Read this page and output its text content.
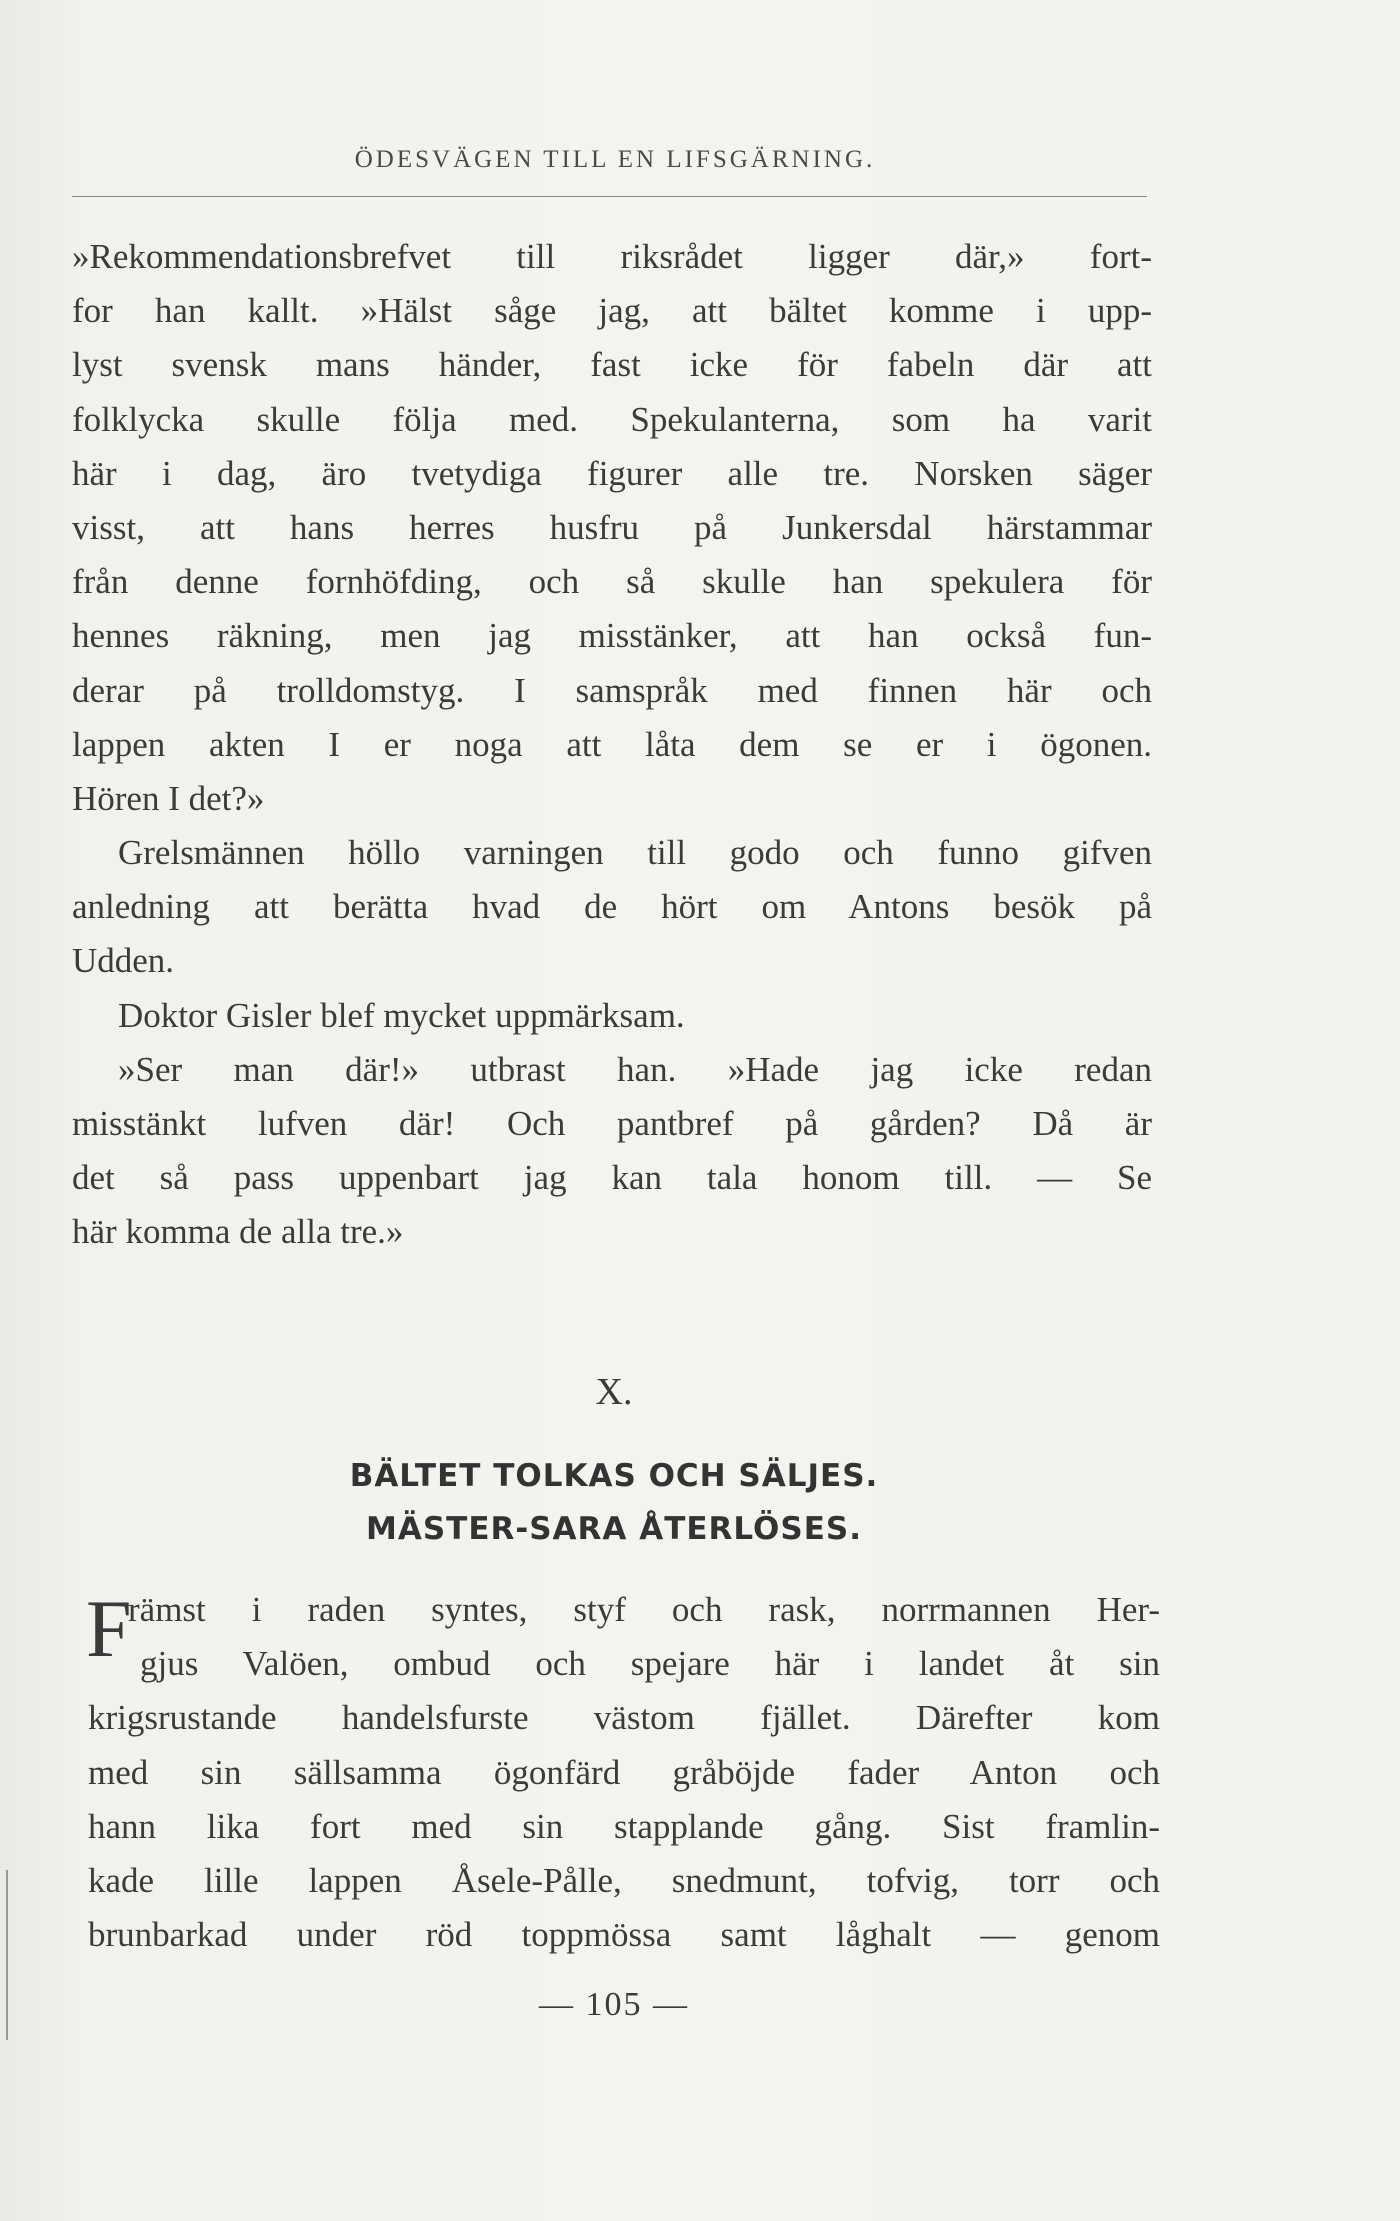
ÖDESVÄGEN TILL EN LIFSGÄRNING.
»Rekommendationsbrefvet till riksrådet ligger där,» fort-
for han kallt. »Hälst såge jag, att bältet komme i upp-
lyst svensk mans händer, fast icke för fabeln där att
folklycka skulle följa med. Spekulanterna, som ha varit
här i dag, äro tvetydiga figurer alle tre. Norsken säger
visst, att hans herres husfru på Junkersdal härstammar
från denne fornhöfding, och så skulle han spekulera för
hennes räkning, men jag misstänker, att han också fun-
derar på trolldomstyg. I samspråk med finnen här och
lappen akten I er noga att låta dem se er i ögonen.
Hören I det?»
Grelsmännen höllo varningen till godo och funno gifven
anledning att berätta hvad de hört om Antons besök på
Udden.
Doktor Gisler blef mycket uppmärksam.
»Ser man där!» utbrast han. »Hade jag icke redan
misstänkt lufven där! Och pantbref på gården? Då är
det så pass uppenbart jag kan tala honom till. — Se
här komma de alla tre.»
X.
BÄLTET TOLKAS OCH SÄLJES.
MÄSTER-SARA ÅTERLÖSES.
F
rämst i raden syntes, styf och rask, norrmannen Her-
gjus Valöen, ombud och spejare här i landet åt sin
krigsrustande handelsfurste västom fjället. Därefter kom
med sin sällsamma ögonfärd gråböjde fader Anton och
hann lika fort med sin stapplande gång. Sist framlin-
kade lille lappen Åsele-Pålle, snedmunt, tofvig, torr och
brunbarkad under röd toppmössa samt låghalt — genom
— 105 —
